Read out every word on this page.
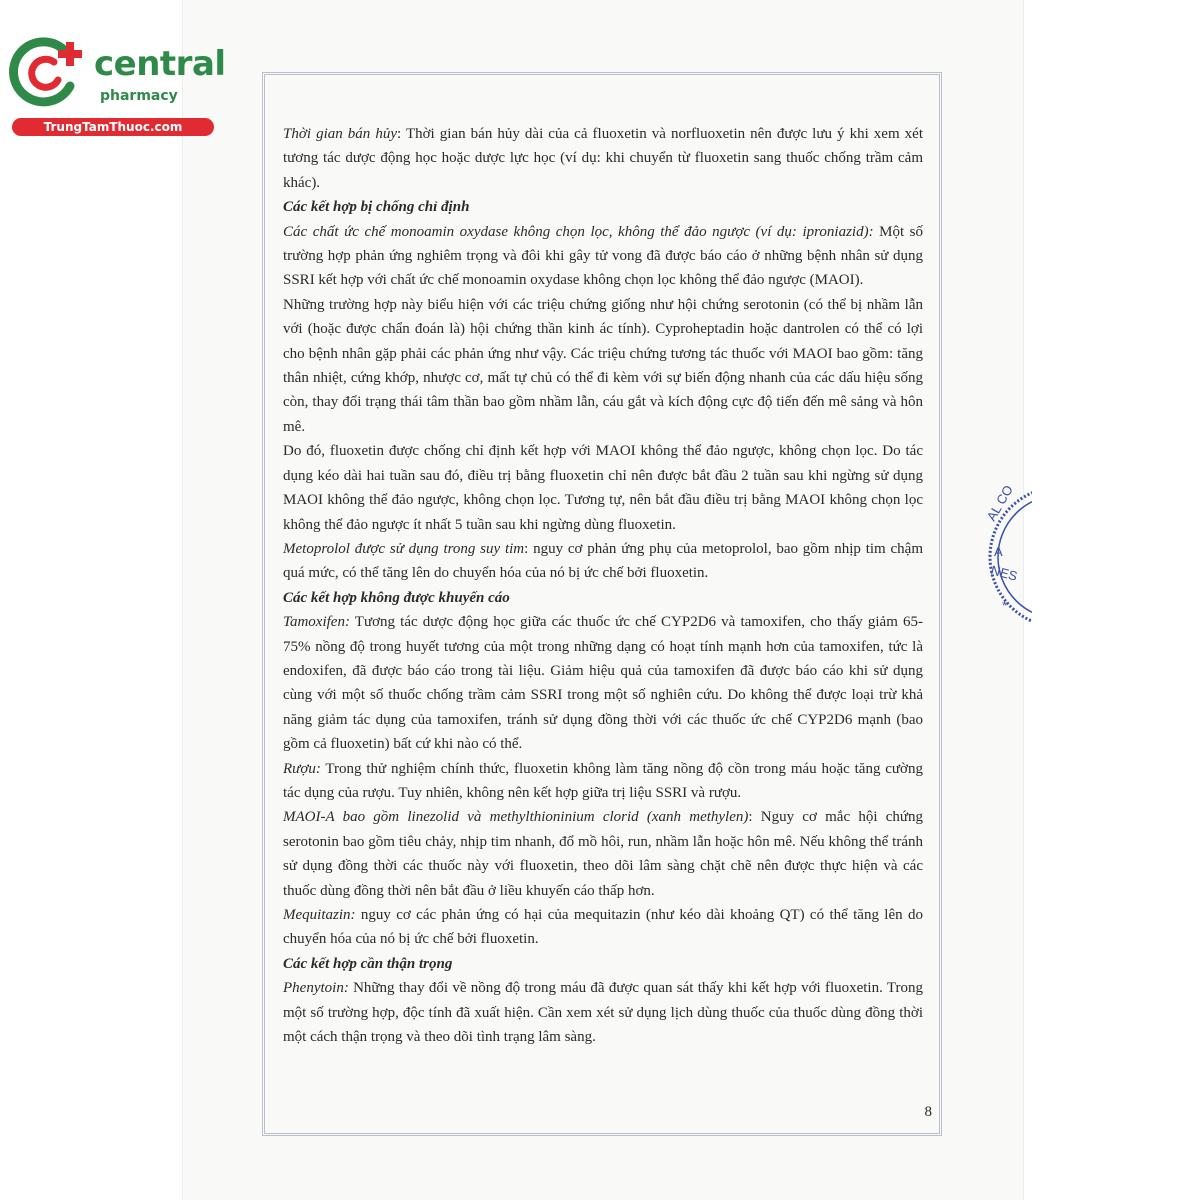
central
pharmacy
TrungTamThuoc.com	Thời gian bán hủy: Thời gian bán hủy dài của cả fluoxetin và norfluoxetin nên được lưu ý khi xem xét tương tác dược động học hoặc dược lực học (ví dụ: khi chuyển từ fluoxetin sang thuốc chống trầm cảm khác).

Các kết hợp bị chống chỉ định

Các chất ức chế monoamin oxydase không chọn lọc, không thể đảo ngược (ví dụ: iproniazid): Một số trường hợp phản ứng nghiêm trọng và đôi khi gây tử vong đã được báo cáo ở những bệnh nhân sử dụng SSRI kết hợp với chất ức chế monoamin oxydase không chọn lọc không thể đảo ngược (MAOI).

Những trường hợp này biểu hiện với các triệu chứng giống như hội chứng serotonin (có thể bị nhầm lẫn với (hoặc được chẩn đoán là) hội chứng thần kinh ác tính). Cyproheptadin hoặc dantrolen có thể có lợi cho bệnh nhân gặp phải các phản ứng như vậy. Các triệu chứng tương tác thuốc với MAOI bao gồm: tăng thân nhiệt, cứng khớp, nhược cơ, mất tự chủ có thể đi kèm với sự biến động nhanh của các dấu hiệu sống còn, thay đổi trạng thái tâm thần bao gồm nhầm lẫn, cáu gắt và kích động cực độ tiến đến mê sảng và hôn mê.

Do đó, fluoxetin được chống chỉ định kết hợp với MAOI không thể đảo ngược, không chọn lọc. Do tác dụng kéo dài hai tuần sau đó, điều trị bằng fluoxetin chỉ nên được bắt đầu 2 tuần sau khi ngừng sử dụng MAOI không thể đảo ngược, không chọn lọc. Tương tự, nên bắt đầu điều trị bằng MAOI không chọn lọc không thể đảo ngược ít nhất 5 tuần sau khi ngừng dùng fluoxetin.

Metoprolol được sử dụng trong suy tim: nguy cơ phản ứng phụ của metoprolol, bao gồm nhịp tim chậm quá mức, có thể tăng lên do chuyển hóa của nó bị ức chế bởi fluoxetin.

Các kết hợp không được khuyến cáo

Tamoxifen: Tương tác dược động học giữa các thuốc ức chế CYP2D6 và tamoxifen, cho thấy giảm 65-75% nồng độ trong huyết tương của một trong những dạng có hoạt tính mạnh hơn của tamoxifen, tức là endoxifen, đã được báo cáo trong tài liệu. Giảm hiệu quả của tamoxifen đã được báo cáo khi sử dụng cùng với một số thuốc chống trầm cảm SSRI trong một số nghiên cứu. Do không thể được loại trừ khả năng giảm tác dụng của tamoxifen, tránh sử dụng đồng thời với các thuốc ức chế CYP2D6 mạnh (bao gồm cả fluoxetin) bất cứ khi nào có thể.

Rượu: Trong thử nghiệm chính thức, fluoxetin không làm tăng nồng độ cồn trong máu hoặc tăng cường tác dụng của rượu. Tuy nhiên, không nên kết hợp giữa trị liệu SSRI và rượu.

MAOI-A bao gồm linezolid và methylthioninium clorid (xanh methylen): Nguy cơ mắc hội chứng serotonin bao gồm tiêu chảy, nhịp tim nhanh, đổ mồ hôi, run, nhầm lẫn hoặc hôn mê. Nếu không thể tránh sử dụng đồng thời các thuốc này với fluoxetin, theo dõi lâm sàng chặt chẽ nên được thực hiện và các thuốc dùng đồng thời nên bắt đầu ở liều khuyến cáo thấp hơn.

Mequitazin: nguy cơ các phản ứng có hại của mequitazin (như kéo dài khoảng QT) có thể tăng lên do chuyển hóa của nó bị ức chế bởi fluoxetin.

Các kết hợp cần thận trọng

Phenytoin: Những thay đổi về nồng độ trong máu đã được quan sát thấy khi kết hợp với fluoxetin. Trong một số trường hợp, độc tính đã xuất hiện. Cần xem xét sử dụng lịch dùng thuốc của thuốc dùng đồng thời một cách thận trọng và theo dõi tình trạng lâm sàng.

8
AL CO
A
NES
*
